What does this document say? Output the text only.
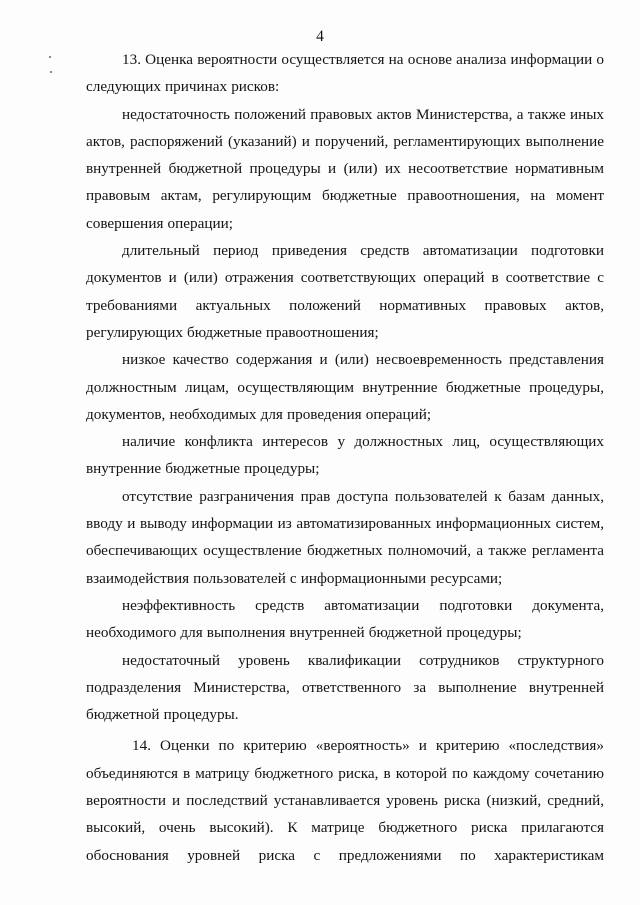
4

13. Оценка вероятности осуществляется на основе анализа информации о следующих причинах рисков:

недостаточность положений правовых актов Министерства, а также иных актов, распоряжений (указаний) и поручений, регламентирующих выполнение внутренней бюджетной процедуры и (или) их несоответствие нормативным правовым актам, регулирующим бюджетные правоотношения, на момент совершения операции;

длительный период приведения средств автоматизации подготовки документов и (или) отражения соответствующих операций в соответствие с требованиями актуальных положений нормативных правовых актов, регулирующих бюджетные правоотношения;

низкое качество содержания и (или) несвоевременность представления должностным лицам, осуществляющим внутренние бюджетные процедуры, документов, необходимых для проведения операций;

наличие конфликта интересов у должностных лиц, осуществляющих внутренние бюджетные процедуры;

отсутствие разграничения прав доступа пользователей к базам данных, вводу и выводу информации из автоматизированных информационных систем, обеспечивающих осуществление бюджетных полномочий, а также регламента взаимодействия пользователей с информационными ресурсами;

неэффективность средств автоматизации подготовки документа, необходимого для выполнения внутренней бюджетной процедуры;

недостаточный уровень квалификации сотрудников структурного подразделения Министерства, ответственного за выполнение внутренней бюджетной процедуры.

14. Оценки по критерию «вероятность» и критерию «последствия» объединяются в матрицу бюджетного риска, в которой по каждому сочетанию вероятности и последствий устанавливается уровень риска (низкий, средний, высокий, очень высокий). К матрице бюджетного риска прилагаются обоснования уровней риска с предложениями по характеристикам
